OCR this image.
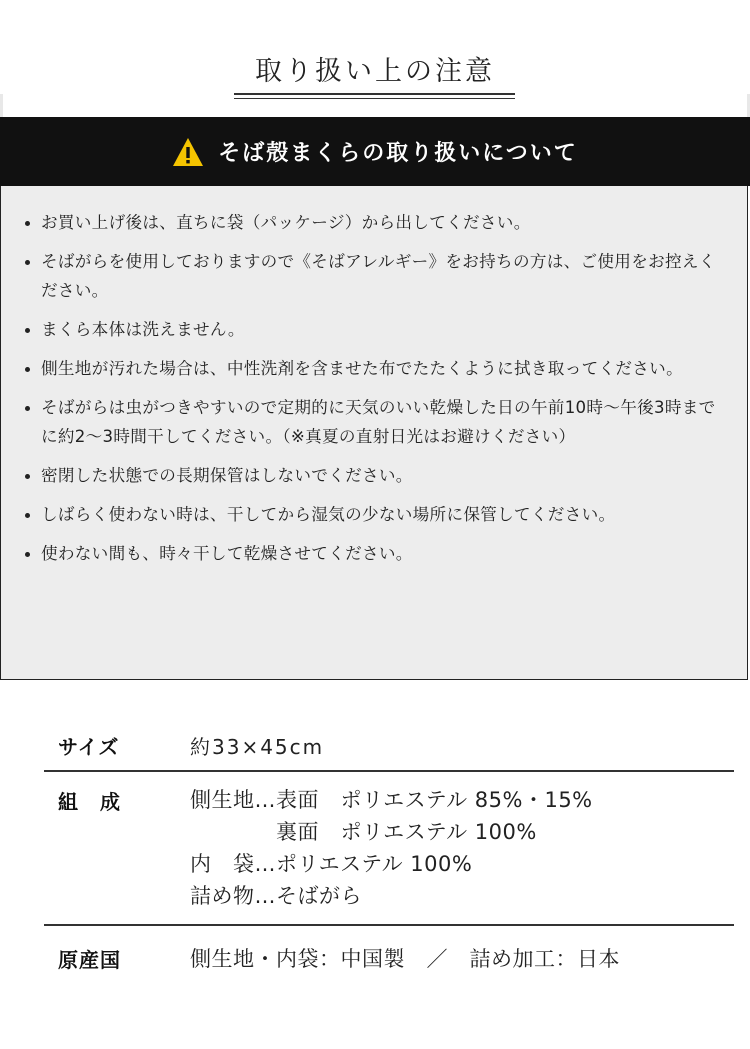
取り扱い上の注意
そば殻まくらの取り扱いについて
お買い上げ後は、直ちに袋（パッケージ）から出してください。
そばがらを使用しておりますので《そばアレルギー》をお持ちの方は、ご使用をお控えください。
まくら本体は洗えません。
側生地が汚れた場合は、中性洗剤を含ませた布でたたくように拭き取ってください。
そばがらは虫がつきやすいので定期的に天気のいい乾燥した日の午前10時〜午後3時までに約2〜3時間干してください。（※真夏の直射日光はお避けください）
密閉した状態での長期保管はしないでください。
しばらく使わない時は、干してから湿気の少ない場所に保管してください。
使わない間も、時々干して乾燥させてください。
サイズ	約33×45cm
組　成	側生地…表面　ポリエステル 85%・15%
　　　　裏面　ポリエステル 100%
内　袋…ポリエステル 100%
詰め物…そばがら
原産国	側生地・内袋：中国製　／　詰め加工：日本
